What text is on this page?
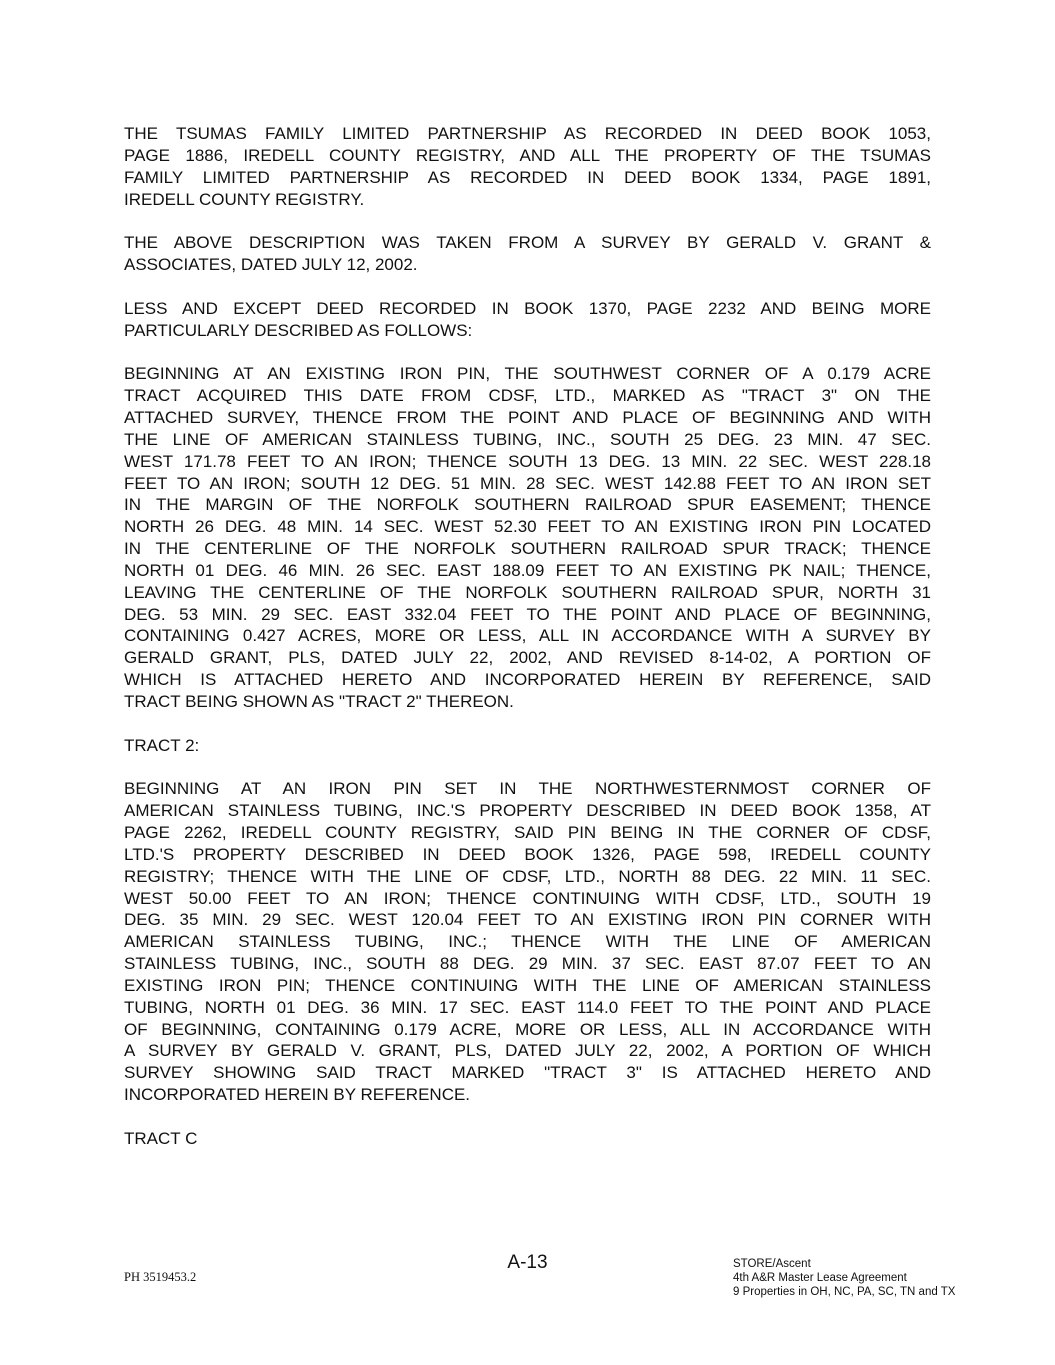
THE TSUMAS FAMILY LIMITED PARTNERSHIP AS RECORDED IN DEED BOOK 1053,
PAGE 1886, IREDELL COUNTY REGISTRY, AND ALL THE PROPERTY OF THE TSUMAS
FAMILY LIMITED PARTNERSHIP AS RECORDED IN DEED BOOK 1334, PAGE 1891,
IREDELL COUNTY REGISTRY.

THE ABOVE DESCRIPTION WAS TAKEN FROM A SURVEY BY GERALD V. GRANT &
ASSOCIATES, DATED JULY 12, 2002.

LESS AND EXCEPT DEED RECORDED IN BOOK 1370, PAGE 2232 AND BEING MORE
PARTICULARLY DESCRIBED AS FOLLOWS:

BEGINNING AT AN EXISTING IRON PIN, THE SOUTHWEST CORNER OF A 0.179 ACRE
TRACT ACQUIRED THIS DATE FROM CDSF, LTD., MARKED AS "TRACT 3" ON THE
ATTACHED SURVEY, THENCE FROM THE POINT AND PLACE OF BEGINNING AND WITH
THE LINE OF AMERICAN STAINLESS TUBING, INC., SOUTH 25 DEG. 23 MIN. 47 SEC.
WEST 171.78 FEET TO AN IRON; THENCE SOUTH 13 DEG. 13 MIN. 22 SEC. WEST 228.18
FEET TO AN IRON; SOUTH 12 DEG. 51 MIN. 28 SEC. WEST 142.88 FEET TO AN IRON SET
IN THE MARGIN OF THE NORFOLK SOUTHERN RAILROAD SPUR EASEMENT; THENCE
NORTH 26 DEG. 48 MIN. 14 SEC. WEST 52.30 FEET TO AN EXISTING IRON PIN LOCATED
IN THE CENTERLINE OF THE NORFOLK SOUTHERN RAILROAD SPUR TRACK; THENCE
NORTH 01 DEG. 46 MIN. 26 SEC. EAST 188.09 FEET TO AN EXISTING PK NAIL; THENCE,
LEAVING THE CENTERLINE OF THE NORFOLK SOUTHERN RAILROAD SPUR, NORTH 31
DEG. 53 MIN. 29 SEC. EAST 332.04 FEET TO THE POINT AND PLACE OF BEGINNING,
CONTAINING 0.427 ACRES, MORE OR LESS, ALL IN ACCORDANCE WITH A SURVEY BY
GERALD GRANT, PLS, DATED JULY 22, 2002, AND REVISED 8-14-02, A PORTION OF
WHICH IS ATTACHED HERETO AND INCORPORATED HEREIN BY REFERENCE, SAID
TRACT BEING SHOWN AS "TRACT 2" THEREON.

TRACT 2:

BEGINNING AT AN IRON PIN SET IN THE NORTHWESTERNMOST CORNER OF
AMERICAN STAINLESS TUBING, INC.'S PROPERTY DESCRIBED IN DEED BOOK 1358, AT
PAGE 2262, IREDELL COUNTY REGISTRY, SAID PIN BEING IN THE CORNER OF CDSF,
LTD.'S PROPERTY DESCRIBED IN DEED BOOK 1326, PAGE 598, IREDELL COUNTY
REGISTRY; THENCE WITH THE LINE OF CDSF, LTD., NORTH 88 DEG. 22 MIN. 11 SEC.
WEST 50.00 FEET TO AN IRON; THENCE CONTINUING WITH CDSF, LTD., SOUTH 19
DEG. 35 MIN. 29 SEC. WEST 120.04 FEET TO AN EXISTING IRON PIN CORNER WITH
AMERICAN STAINLESS TUBING, INC.; THENCE WITH THE LINE OF AMERICAN
STAINLESS TUBING, INC., SOUTH 88 DEG. 29 MIN. 37 SEC. EAST 87.07 FEET TO AN
EXISTING IRON PIN; THENCE CONTINUING WITH THE LINE OF AMERICAN STAINLESS
TUBING, NORTH 01 DEG. 36 MIN. 17 SEC. EAST 114.0 FEET TO THE POINT AND PLACE
OF BEGINNING, CONTAINING 0.179 ACRE, MORE OR LESS, ALL IN ACCORDANCE WITH
A SURVEY BY GERALD V. GRANT, PLS, DATED JULY 22, 2002, A PORTION OF WHICH
SURVEY SHOWING SAID TRACT MARKED "TRACT 3" IS ATTACHED HERETO AND
INCORPORATED HEREIN BY REFERENCE.

TRACT C

A-13
PH 3519453.2
STORE/Ascent
4th A&R Master Lease Agreement
9 Properties in OH, NC, PA, SC, TN and TX
